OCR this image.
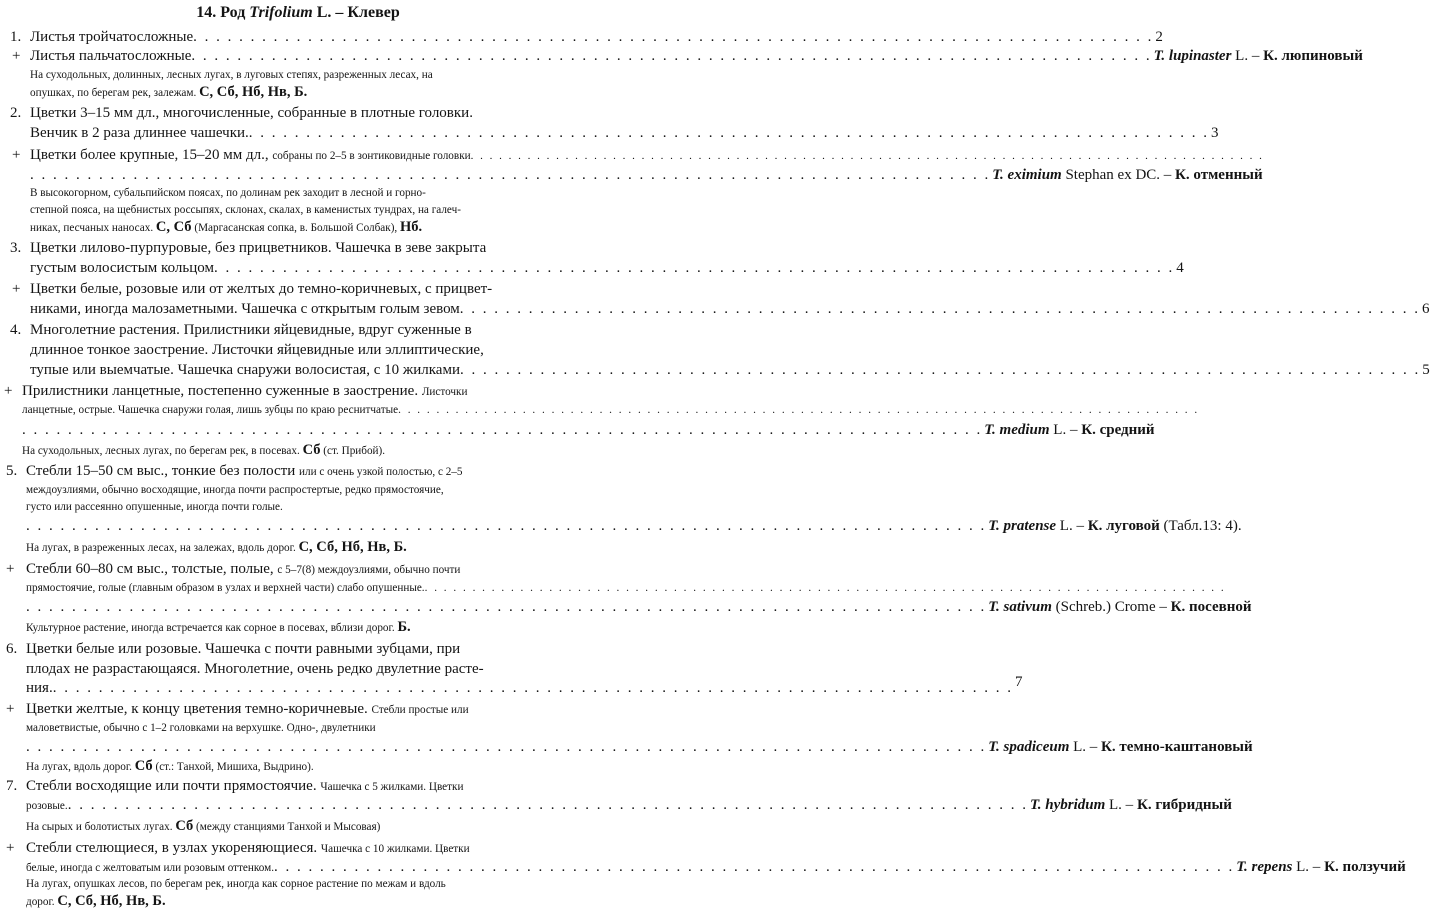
14. Род Trifolium L. – Клевер
1. Листья тройчатосложные . . . . . . . . . . . . . . . . . . . . . . . . . . . . . . . . . . . . . . . . . . . . . . . . . . . . . . . . . . . . . . . . . . . . . . . . . . . . . . . . . . . . 2
+ Листья пальчатосложные . . . . . . . . . . . . . . . . . . . . . . . . . . . . . . . . . . . . . . . . . . . . . . . . . . . . . . . . . . . . . . . . . . . . . . . . . . . . . . . . . . . . T. lupinaster L. – К. люпиновый
На суходольных, долинных, лесных лугах, в луговых степях, разреженных лесах, на
опушках, по берегам рек, залежам. С, Сб, Нб, Нв, Б.
2. Цветки 3–15 мм дл., многочисленные, собранные в плотные головки.
Венчик в 2 раза длиннее чашечки. . . . . . . . . . . . . . . . . . . . . . . . . . . . . . . . . . . . . . . . . . . . . . . . . . . . . . . . . . . . . . . . . . . . . . . . . . . . . . . . . . . . . 3
+ Цветки более крупные, 15–20 мм дл., собраны по 2–5 в зонтиковидные головки . . . . . . . . . . . . . . . . . . . . . . . . . . . . . . . . . . . . . . . . . . . . . . . . . . . . . . . . . . . . . . . . . . . . . . . . . . . . . . . . . . . .
. . . . . . . . . . . . . . . . . . . . . . . . . . . . . . . . . . . . . . . . . . . . . . . . . . . . . . . . . . . . . . . . . . . . . . . . . . . . . . . . . . . . T. eximium Stephan ex DC. – К. отменный
В высокогорном, субальпийском поясах, по долинам рек заходит в лесной и горно-
степной пояса, на щебнистых россыпях, склонах, скалах, в каменистых тундрах, на галеч-
никах, песчаных наносах. С, Сб (Маргасанская сопка, в. Большой Солбак), Нб.
3. Цветки лилово-пурпуровые, без прицветников. Чашечка в зеве закрыта
густым волосистым кольцом . . . . . . . . . . . . . . . . . . . . . . . . . . . . . . . . . . . . . . . . . . . . . . . . . . . . . . . . . . . . . . . . . . . . . . . . . . . . . . . . . . . . 4
+ Цветки белые, розовые или от желтых до темно-коричневых, с прицвет-
никами, иногда малозаметными. Чашечка с открытым голым зевом . . . . . . . . . . . . . . . . . . . . . . . . . . . . . . . . . . . . . . . . . . . . . . . . . . . . . . . . . . . . . . . . . . . . . . . . . . . . . . . . . . . . 6
4. Многолетние растения. Прилистники яйцевидные, вдруг суженные в
длинное тонкое заострение. Листочки яйцевидные или эллиптические,
тупые или выемчатые. Чашечка снаружи волосистая, с 10 жилками . . . . . . . . . . . . . . . . . . . . . . . . . . . . . . . . . . . . . . . . . . . . . . . . . . . . . . . . . . . . . . . . . . . . . . . . . . . . . . . . . . . . 5
+ Прилистники ланцетные, постепенно суженные в заострение. Листочки
ланцетные, острые. Чашечка снаружи голая, лишь зубцы по краю реснитчатые . . . . . . . . . . . . . . . . . . . . . . . . . . . . . . . . . . . . . . . . . . . . . . . . . . . . . . . . . . . . . . . . . . . . . . . . . . . . . . . . . . . .
. . . . . . . . . . . . . . . . . . . . . . . . . . . . . . . . . . . . . . . . . . . . . . . . . . . . . . . . . . . . . . . . . . . . . . . . . . . . . . . . . . . . T. medium L. – К. средний
На суходольных, лесных лугах, по берегам рек, в посевах. Сб (ст. Прибой).
5. Стебли 15–50 см выс., тонкие без полости или с очень узкой полостью, с 2–5
междоузлиями, обычно восходящие, иногда почти распростертые, редко прямостоячие,
густо или рассеянно опушенные, иногда почти голые.
. . . . . . . . . . . . . . . . . . . . . . . . . . . . . . . . . . . . . . . . . . . . . . . . . . . . . . . . . . . . . . . . . . . . . . . . . . . . . . . . . . . . T. pratense L. – К. луговой (Табл.13: 4).
На лугах, в разреженных лесах, на залежах, вдоль дорог. С, Сб, Нб, Нв, Б.
+ Стебли 60–80 см выс., толстые, полые, с 5–7(8) междоузлиями, обычно почти
прямостоячие, голые (главным образом в узлах и верхней части) слабо опушенные. . . . . . . . . . . . . . . . . . . . . . . . . . . . . . . . . . . . . . . . . . . . . . . . . . . . . . . . . . . . . . . . . . . . . . . . . . . . . . . . . . . . .
. . . . . . . . . . . . . . . . . . . . . . . . . . . . . . . . . . . . . . . . . . . . . . . . . . . . . . . . . . . . . . . . . . . . . . . . . . . . . . . . . . . . T. sativum (Schreb.) Crome – К. посевной
Культурное растение, иногда встречается как сорное в посевах, вблизи дорог. Б.
6. Цветки белые или розовые. Чашечка с почти равными зубцами, при
плодах не разрастающаяся. Многолетние, очень редко двулетние расте-
ния. . . . . . . . . . . . . . . . . . . . . . . . . . . . . . . . . . . . . . . . . . . . . . . . . . . . . . . . . . . . . . . . . . . . . . . . . . . . . . . . . . . . . 7
+ Цветки желтые, к концу цветения темно-коричневые. Стебли простые или
маловетвистые, обычно с 1–2 головками на верхушке. Одно-, двулетники
. . . . . . . . . . . . . . . . . . . . . . . . . . . . . . . . . . . . . . . . . . . . . . . . . . . . . . . . . . . . . . . . . . . . . . . . . . . . . . . . . . . . T. spadiceum L. – К. темно-каштановый
На лугах, вдоль дорог. Сб (ст.: Танхой, Мишиха, Выдрино).
7. Стебли восходящие или почти прямостоячие. Чашечка с 5 жилками. Цветки
розовые. . . . . . . . . . . . . . . . . . . . . . . . . . . . . . . . . . . . . . . . . . . . . . . . . . . . . . . . . . . . . . . . . . . . . . . . . . . . . . . . . . . . . T. hybridum L. – К. гибридный
На сырых и болотистых лугах. Сб (между станциями Танхой и Мысовая)
+ Стебли стелющиеся, в узлах укореняющиеся. Чашечка с 10 жилками. Цветки
белые, иногда с желтоватым или розовым оттенком. . . . . . . . . . . . . . . . . . . . . . . . . . . . . . . . . . . . . . . . . . . . . . . . . . . . . . . . . . . . . . . . . . . . . . . . . . . . . . . . . . . . . T. repens L. – К. ползучий
На лугах, опушках лесов, по берегам рек, иногда как сорное растение по межам и вдоль
дорог. С, Сб, Нб, Нв, Б.
